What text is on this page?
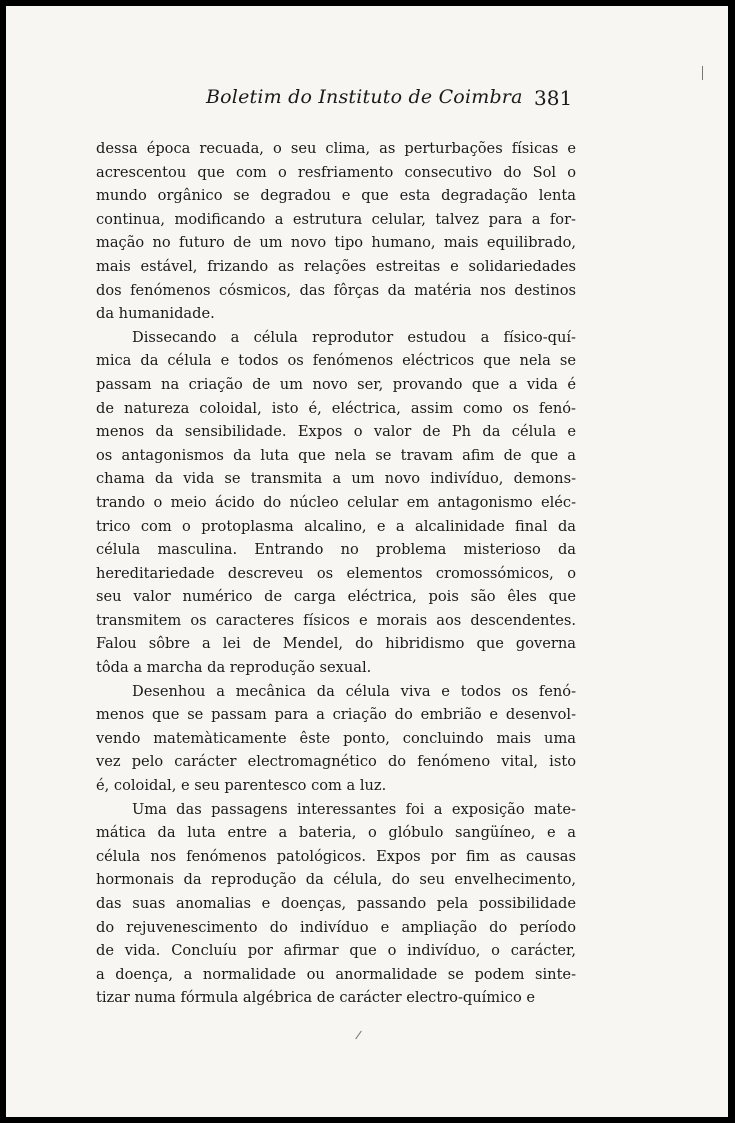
Boletim do Instituto de Coimbra 381
dessa época recuada, o seu clima, as perturbações físicas e
acrescentou que com o resfriamento consecutivo do Sol o
mundo orgânico se degradou e que esta degradação lenta
continua, modificando a estrutura celular, talvez para a for-
mação no futuro de um novo tipo humano, mais equilibrado,
mais estável, frizando as relações estreitas e solidariedades
dos fenómenos cósmicos, das fôrças da matéria nos destinos
da humanidade.
Dissecando a célula reprodutor estudou a físico-quí-
mica da célula e todos os fenómenos eléctricos que nela se
passam na criação de um novo ser, provando que a vida é
de natureza coloidal, isto é, eléctrica, assim como os fenó-
menos da sensibilidade. Expos o valor de Ph da célula e
os antagonismos da luta que nela se travam afim de que a
chama da vida se transmita a um novo indivíduo, demons-
trando o meio ácido do núcleo celular em antagonismo eléc-
trico com o protoplasma alcalino, e a alcalinidade final da
célula masculina. Entrando no problema misterioso da
hereditariedade descreveu os elementos cromossómicos, o
seu valor numérico de carga eléctrica, pois são êles que
transmitem os caracteres físicos e morais aos descendentes.
Falou sôbre a lei de Mendel, do hibridismo que governa
tôda a marcha da reprodução sexual.
Desenhou a mecânica da célula viva e todos os fenó-
menos que se passam para a criação do embrião e desenvol-
vendo matemàticamente êste ponto, concluindo mais uma
vez pelo carácter electromagnético do fenómeno vital, isto
é, coloidal, e seu parentesco com a luz.
Uma das passagens interessantes foi a exposição mate-
mática da luta entre a bateria, o glóbulo sangüíneo, e a
célula nos fenómenos patológicos. Expos por fim as causas
hormonais da reprodução da célula, do seu envelhecimento,
das suas anomalias e doenças, passando pela possibilidade
do rejuvenescimento do indivíduo e ampliação do período
de vida. Concluíu por afirmar que o indivíduo, o carácter,
a doença, a normalidade ou anormalidade se podem sinte-
tizar numa fórmula algébrica de carácter electro-químico e
